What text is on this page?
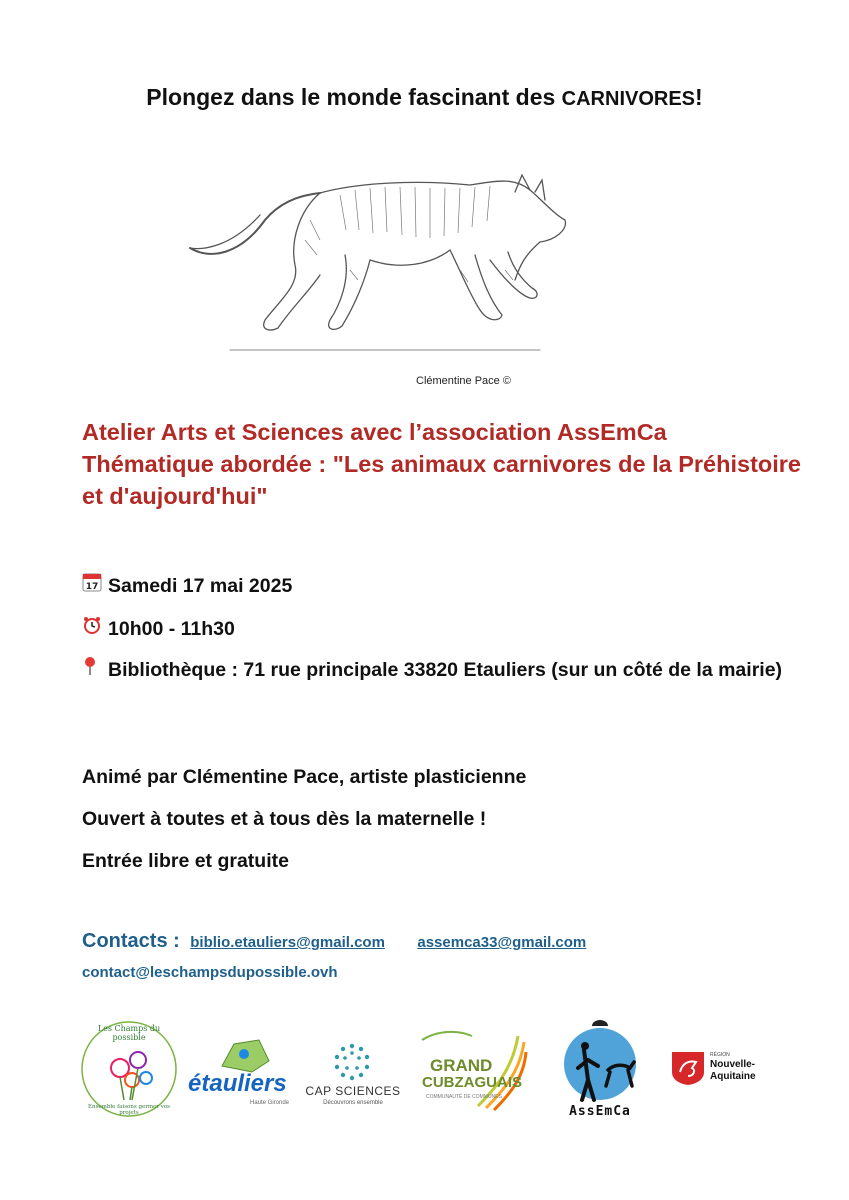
Plongez dans le monde fascinant des CARNIVORES!
Clémentine Pace ©
Atelier Arts et Sciences avec l’association AssEmCa
Thématique abordée : "Les animaux carnivores de la Préhistoire et d'aujourd'hui"
17 Samedi 17 mai 2025
10h00 - 11h30
Bibliothèque : 71 rue principale 33820 Etauliers (sur un côté de la mairie)
Animé par Clémentine Pace, artiste plasticienne
Ouvert à toutes et à tous dès la maternelle !
Entrée libre et gratuite
Contacts : biblio.etauliers@gmail.com assemca33@gmail.com
contact@leschampsdupossible.ovh
Les Champs du possible
Ensemble faisons germer vos projets
étauliers
Haute Gironde
CAP SCIENCES
Découvrons ensemble
GRAND
CUBZAGUAIS
COMMUNAUTÉ DE COMMUNES
AssEmCa
RÉGION
Nouvelle-
Aquitaine
